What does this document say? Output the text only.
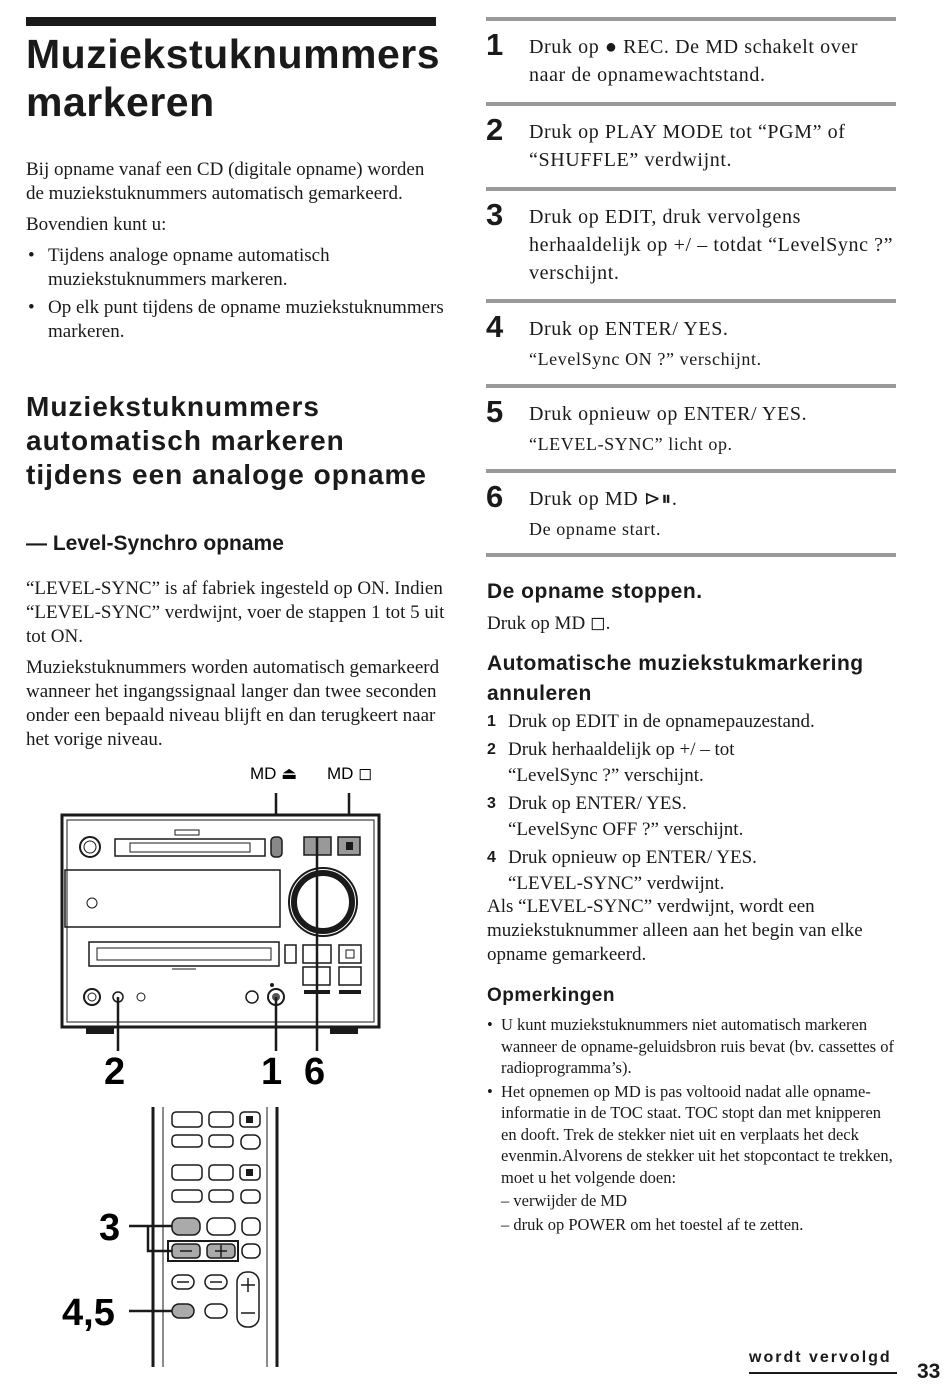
Muziekstuknummers markeren

Bij opname vanaf een CD (digitale opname) worden de muziekstuknummers automatisch gemarkeerd.

Bovendien kunt u:

• Tijdens analoge opname automatisch muziekstuknummers markeren.
• Op elk punt tijdens de opname muziekstuknummers markeren.
Muziekstuknummers automatisch markeren tijdens een analoge opname
— Level-Synchro opname

“LEVEL-SYNC” is af fabriek ingesteld op ON. Indien “LEVEL-SYNC” verdwijnt, voer de stappen 1 tot 5 uit tot ON.

Muziekstuknummers worden automatisch gemarkeerd wanneer het ingangssignaal langer dan twee seconden onder een bepaald niveau blijft en dan terugkeert naar het vorige niveau.

MD ⏏ MD ◻
2	1 6
3
4,5
1 Druk op ● REC. De MD schakelt over naar de opnamewachtstand.
2 Druk op PLAY MODE tot “PGM” of “SHUFFLE” verdwijnt.
3 Druk op EDIT, druk vervolgens herhaaldelijk op +/ – totdat “LevelSync ?” verschijnt.
4 Druk op ENTER/ YES.
“LevelSync ON ?” verschijnt.
5 Druk opnieuw op ENTER/ YES.
“LEVEL-SYNC” licht op.
6 Druk op MD ⊳⏸.
De opname start.
De opname stoppen.
Druk op MD ◻.
Automatische muziekstukmarkering annuleren
1 Druk op EDIT in de opnamepauzestand.
2 Druk herhaaldelijk op +/ – tot
“LevelSync ?” verschijnt.
3 Druk op ENTER/ YES.
“LevelSync OFF ?” verschijnt.
4 Druk opnieuw op ENTER/ YES.
“LEVEL-SYNC” verdwijnt.
Als “LEVEL-SYNC” verdwijnt, wordt een muziekstuknummer alleen aan het begin van elke opname gemarkeerd.
Opmerkingen
• U kunt muziekstuknummers niet automatisch markeren wanneer de opname-geluidsbron ruis bevat (bv. cassettes of radioprogramma’s).
• Het opnemen op MD is pas voltooid nadat alle opname-informatie in de TOC staat. TOC stopt dan met knipperen en dooft. Trek de stekker niet uit en verplaats het deck evenmin.Alvorens de stekker uit het stopcontact te trekken, moet u het volgende doen:
– verwijder de MD
– druk op POWER om het toestel af te zetten.
wordt vervolgd
33
